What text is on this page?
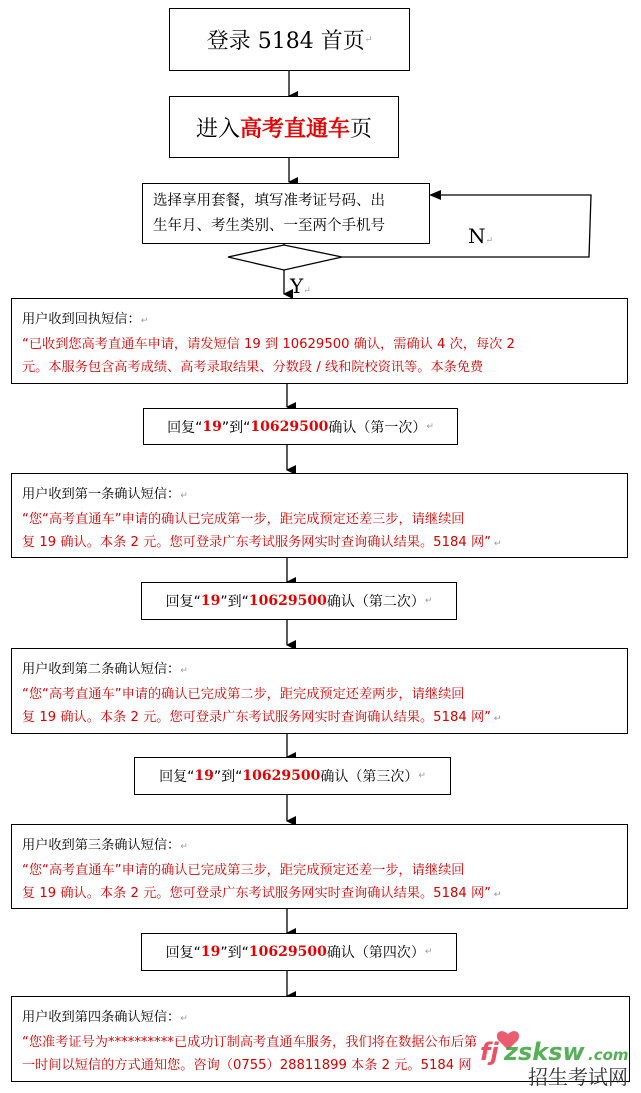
登录 5184 首页 ↵
进入 高考直通车 页
选择享用套餐，填写准考证号码、出
生年月、考生类别、一至两个手机号	N↵
Y↵
用户收到回执短信：↵
“已收到您高考直通车申请，请发短信 19 到 10629500 确认，需确认 4 次，每次 2
元。本服务包含高考成绩、高考录取结果、分数段 / 线和院校资讯等。本条免费
回复“ 19 ”到“ 10629500 确认（第一次） ↵
用户收到第一条确认短信：↵
“您“高考直通车”申请的确认已完成第一步，距完成预定还差三步，请继续回
复 19 确认。本条 2 元。您可登录广东考试服务网实时查询确认结果。5184 网” ↵
回复“ 19 ”到“ 10629500 确认（第二次） ↵
用户收到第二条确认短信：↵
“您“高考直通车”申请的确认已完成第二步，距完成预定还差两步，请继续回
复 19 确认。本条 2 元。您可登录广东考试服务网实时查询确认结果。5184 网” ↵
回复“ 19 ”到“ 10629500 确认（第三次） ↵
用户收到第三条确认短信：↵
“您“高考直通车”申请的确认已完成第三步，距完成预定还差一步，请继续回
复 19 确认。本条 2 元。您可登录广东考试服务网实时查询确认结果。5184 网” ↵
回复“ 19 ”到“ 10629500 确认（第四次） ↵
用户收到第四条确认短信：↵
“您准考证号为**********已成功订制高考直通车服务，我们将在数据公布后第
一时间以短信的方式通知您。咨询（0755）28811899 本条 2 元。5184 网 fj zsksw .com
招生考试网
